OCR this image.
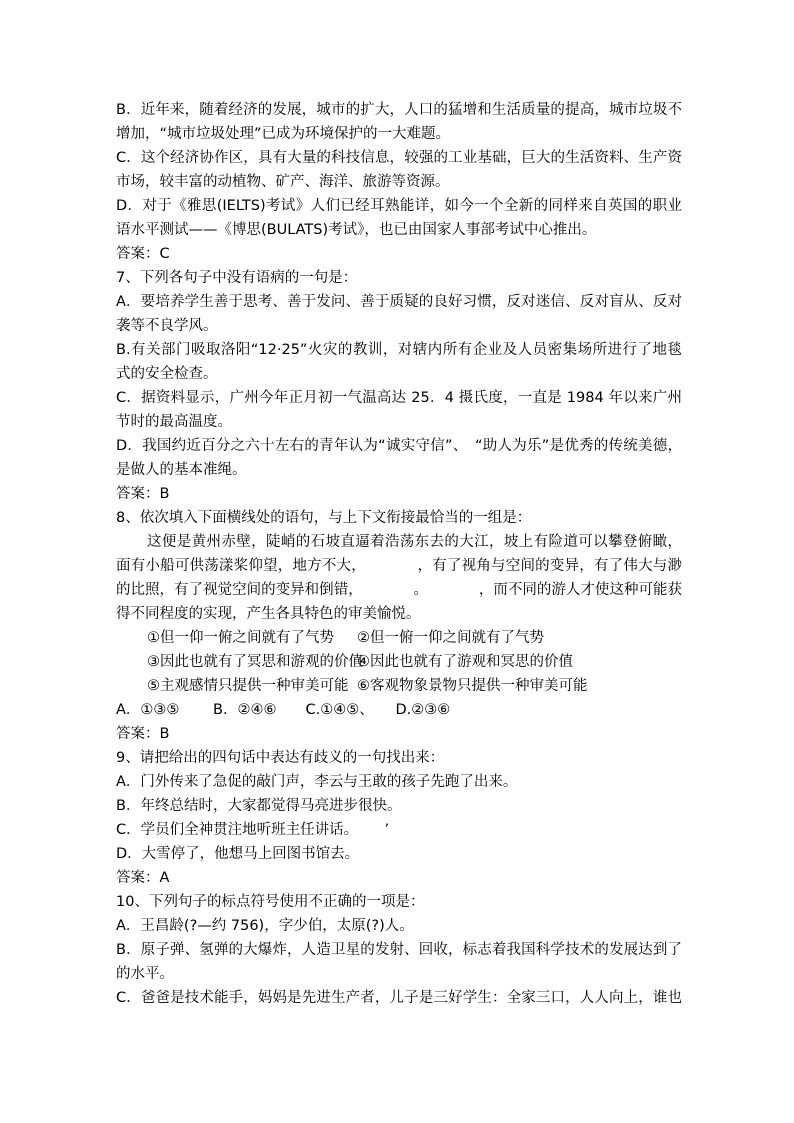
B．近年来，随着经济的发展，城市的扩大，人口的猛增和生活质量的提高，城市垃圾不
增加，“城市垃圾处理”已成为环境保护的一大难题。
C．这个经济协作区，具有大量的科技信息，较强的工业基础，巨大的生活资料、生产资
市场，较丰富的动植物、矿产、海洋、旅游等资源。
D．对于《雅思(IELTS)考试》人们已经耳熟能详，如今一个全新的同样来自英国的职业
语水平测试——《博思(BULATS)考试》，也已由国家人事部考试中心推出。
答案：C
7、下列各句子中没有语病的一句是：
A．要培养学生善于思考、善于发问、善于质疑的良好习惯，反对迷信、反对盲从、反对
袭等不良学风。
B.有关部门吸取洛阳“12·25”火灾的教训，对辖内所有企业及人员密集场所进行了地毯
式的安全检查。
C．据资料显示，广州今年正月初一气温高达 25．4 摄氏度，一直是 1984 年以来广州
节时的最高温度。
D．我国约近百分之六十左右的青年认为“诚实守信”、　“助人为乐”是优秀的传统美德，
是做人的基本准绳。
答案：B
8、依次填入下面横线处的语句，与上下文衔接最恰当的一组是：
这便是黄州赤壁，陡峭的石坡直逼着浩荡东去的大江，坡上有险道可以攀登俯瞰，
面有小船可供荡漾桨仰望，地方不大，　　　　，有了视角与空间的变异，有了伟大与渺
的比照，有了视觉空间的变异和倒错，　　　　。　　　　，而不同的游人才使这种可能获
得不同程度的实现，产生各具特色的审美愉悦。
①但一仰一俯之间就有了气势	②但一俯一仰之间就有了气势
③因此也就有了冥思和游观的价值
④因此也就有了游观和冥思的价值
⑤主观感情只提供一种审美可能 ⑥客观物象景物只提供一种审美可能
A．①③⑤　　 B．②④⑥　　C.①④⑤、　　D.②③⑥
答案：B
9、请把给出的四句话中表达有歧义的一句找出来：
A．门外传来了急促的敲门声，李云与王敢的孩子先跑了出来。
B．年终总结时，大家都觉得马亮进步很快。
C．学员们全神贯注地听班主任讲话。　　 ’
D．大雪停了，他想马上回图书馆去。
答案：A
10、下列句子的标点符号使用不正确的一项是：
A．王昌龄(?—约 756)，字少伯，太原(?)人。
B．原子弹、氢弹的大爆炸，人造卫星的发射、回收，标志着我国科学技术的发展达到了
的水平。
C．爸爸是技术能手，妈妈是先进生产者，儿子是三好学生：全家三口，人人向上，谁也
